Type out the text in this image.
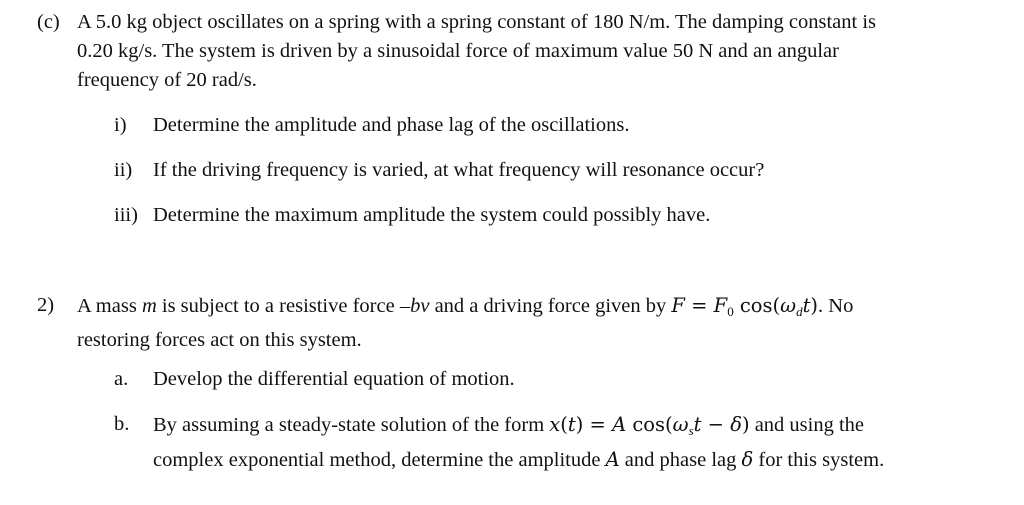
(c) A 5.0 kg object oscillates on a spring with a spring constant of 180 N/m. The damping constant is
0.20 kg/s. The system is driven by a sinusoidal force of maximum value 50 N and an angular
frequency of 20 rad/s.
i) Determine the amplitude and phase lag of the oscillations.
ii) If the driving frequency is varied, at what frequency will resonance occur?
iii) Determine the maximum amplitude the system could possibly have.
2) A mass m is subject to a resistive force –bv and a driving force given by F = F0 $\cos(\omega_dt)$. No
restoring forces act on this system.
a. Develop the differential equation of motion.
b. By assuming a steady-state solution of the form x(t) = A $\cos(\omega_st - \delta)$ and using the
complex exponential method, determine the amplitude A and phase lag δ for this system.
